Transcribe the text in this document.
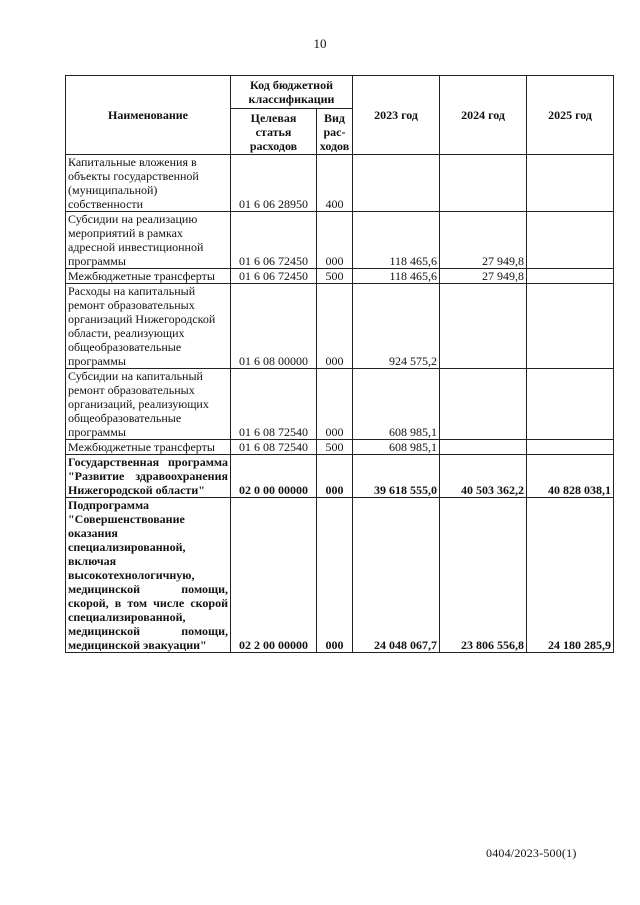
10
Наименование	Код бюджетной классификации		2023 год	2024 год	2025 год
	Целевая статья расходов	Вид рас-ходов			
Капитальные вложения в объекты государственной (муниципальной) собственности	01 6 06 28950	400			
Субсидии на реализацию мероприятий в рамках адресной инвестиционной программы	01 6 06 72450	000	118 465,6	27 949,8	
Межбюджетные трансферты	01 6 06 72450	500	118 465,6	27 949,8	
Расходы на капитальный ремонт образовательных организаций Нижегородской области, реализующих общеобразовательные программы	01 6 08 00000	000	924 575,2		
Субсидии на капитальный ремонт образовательных организаций, реализующих общеобразовательные программы	01 6 08 72540	000	608 985,1		
Межбюджетные трансферты	01 6 08 72540	500	608 985,1		
Государственная программа "Развитие здравоохранения Нижегородской области"	02 0 00 00000	000	39 618 555,0	40 503 362,2	40 828 038,1
Подпрограмма "Совершенствование оказания специализированной, включая высокотехнологичную, медицинской помощи, скорой, в том числе скорой специализированной, медицинской помощи, медицинской эвакуации"	02 2 00 00000	000	24 048 067,7	23 806 556,8	24 180 285,9
0404/2023-500(1)
